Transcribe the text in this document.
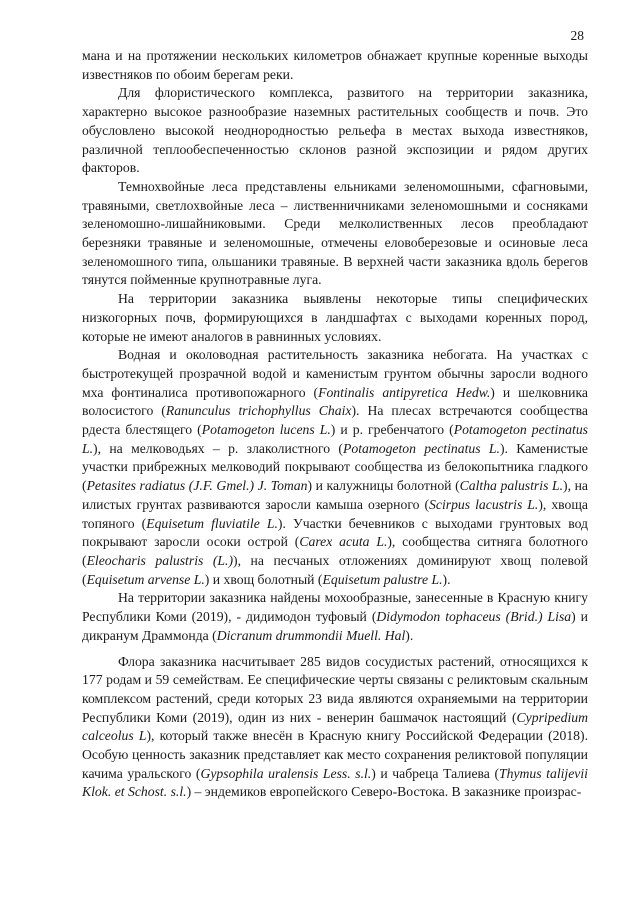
28

мана и на протяжении нескольких километров обнажает крупные коренные выходы известняков по обоим берегам реки.

Для флористического комплекса, развитого на территории заказника, характерно высокое разнообразие наземных растительных сообществ и почв. Это обусловлено высокой неоднородностью рельефа в местах выхода известняков, различной теплообеспеченностью склонов разной экспозиции и рядом других факторов.

Темнохвойные леса представлены ельниками зеленомошными, сфагновыми, травяными, светлохвойные леса – лиственничниками зеленомошными и сосняками зеленомошно-лишайниковыми. Среди мелколиственных лесов преобладают березняки травяные и зеленомошные, отмечены еловоберезовые и осиновые леса зеленомошного типа, ольшаники травяные. В верхней части заказника вдоль берегов тянутся пойменные крупнотравные луга.

На территории заказника выявлены некоторые типы специфических низкогорных почв, формирующихся в ландшафтах с выходами коренных пород, которые не имеют аналогов в равнинных условиях.

Водная и околоводная растительность заказника небогата. На участках с быстротекущей прозрачной водой и каменистым грунтом обычны заросли водного мха фонтиналиса противопожарного (Fontinalis antipyretica Hedw.) и шелковника волосистого (Ranunculus trichophyllus Chaix). На плесах встречаются сообщества рдеста блестящего (Potamogeton lucens L.) и р. гребенчатого (Potamogeton pectinatus L.), на мелководьях – р. злаколистного (Potamogeton pectinatus L.). Каменистые участки прибрежных мелководий покрывают сообщества из белокопытника гладкого (Petasites radiatus (J.F. Gmel.) J. Toman) и калужницы болотной (Caltha palustris L.), на илистых грунтах развиваются заросли камыша озерного (Scirpus lacustris L.), хвоща топяного (Equisetum fluviatile L.). Участки бечевников с выходами грунтовых вод покрывают заросли осоки острой (Carex acuta L.), сообщества ситняга болотного (Eleocharis palustris (L.)), на песчаных отложениях доминируют хвощ полевой (Equisetum arvense L.) и хвощ болотный (Equisetum palustre L.).

На территории заказника найдены мохообразные, занесенные в Красную книгу Республики Коми (2019), - дидимодон туфовый (Didymodon tophaceus (Brid.) Lisa) и дикранум Драммонда (Dicranum drummondii Muell. Hal).

Флора заказника насчитывает 285 видов сосудистых растений, относящихся к 177 родам и 59 семействам. Ее специфические черты связаны с реликтовым скальным комплексом растений, среди которых 23 вида являются охраняемыми на территории Республики Коми (2019), один из них - венерин башмачок настоящий (Cypripedium calceolus L), который также внесён в Красную книгу Российской Федерации (2018). Особую ценность заказник представляет как место сохранения реликтовой популяции качима уральского (Gypsophila uralensis Less. s.l.) и чабреца Талиева (Thymus talijevii Klok. et Schost. s.l.) – эндемиков европейского Северо-Востока. В заказнике произрас-
